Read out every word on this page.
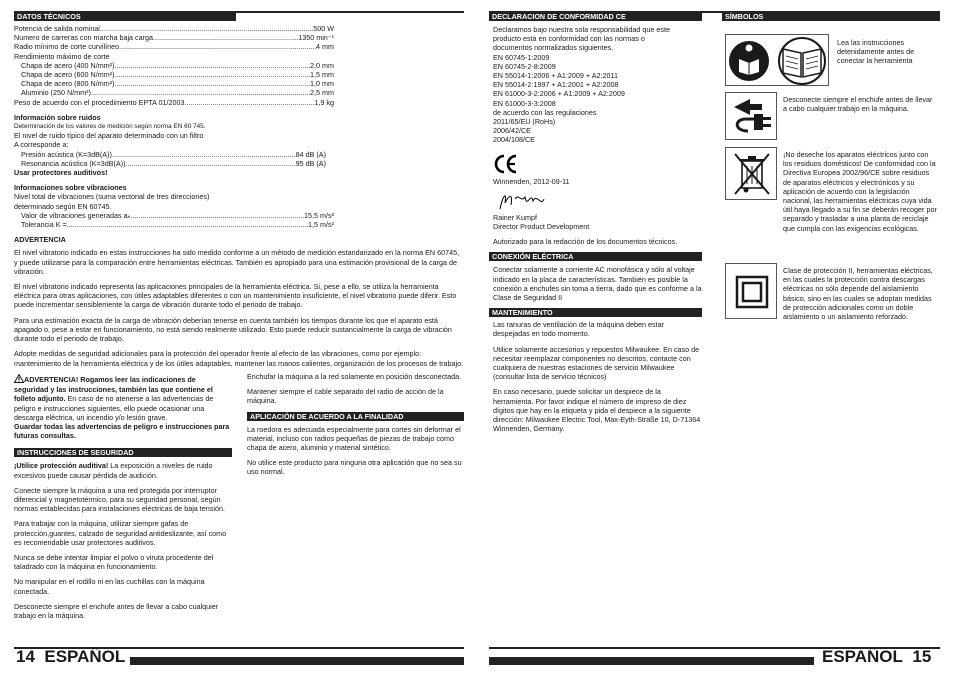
DATOS TÉCNICOS
Potencia de salida nominal .....	500 W
Numero de carreras con marcha baja carga .....	1350 min⁻¹
Radio mínimo de corte curvilíneo .....	4 mm
Rendimiento máximo de corte
Chapa de acero (400 N/mm²) .....	2,0 mm
Chapa de acero (600 N/mm²) .....	1,5 mm
Chapa de acero (800 N/mm²) .....	1,0 mm
Aluminio (250 N/mm²) .....	2,5 mm
Peso de acuerdo con el procedimiento EPTA 01/2003 .....	1,9 kg
Información sobre ruidos
Determinación de los valores de medición según norma EN 60 745.
El nivel de ruido típico del aparato determinado con un filtro
A corresponde a:
Presión acústica (K=3dB(A)) .....	84 dB (A)
Resonancia acústica (K=3dB(A)) .....	95 dB (A)
Usar protectores auditivos!
Informaciones sobre vibraciones
Nivel total de vibraciones (suma vectorial de tres direcciones)
determinado según EN 60745.
Valor de vibraciones generadas aₕ .....	15,5 m/s²
Tolerancia K = .....	1,5 m/s²
ADVERTENCIA

El nivel vibratorio indicado en estas instrucciones ha sido medido conforme a un método de medición estandarizado en la norma EN 60745, y puede utilizarse para la comparación entre herramientas eléctricas. También es apropiado para una estimación provisional de la carga de vibración.

El nivel vibratorio indicado representa las aplicaciones principales de la herramienta eléctrica. Si, pese a ello, se utiliza la herramienta eléctrica para otras aplicaciones, con útiles adaptables diferentes o con un mantenimiento insuficiente, el nivel vibratorio puede diferir. Esto puede incrementar sensiblemente la carga de vibración durante todo el periodo de trabajo.

Para una estimación exacta de la carga de vibración deberían tenerse en cuenta también los tiempos durante los que el aparato está apagado o, pese a estar en funcionamiento, no está siendo realmente utilizado. Esto puede reducir sustancialmente la carga de vibración durante todo el periodo de trabajo.

Adopte medidas de seguridad adicionales para la protección del operador frente al efecto de las vibraciones, como por ejemplo: mantenimiento de la herramienta eléctrica y de los útiles adaptables, mantener las manos calientes, organización de los procesos de trabajo.

ADVERTENCIA! Rogamos leer las indicaciones de seguridad y las instrucciones, también las que contiene el folleto adjunto. En caso de no atenerse a las advertencias de peligro e instrucciones siguientes, ello puede ocasionar una descarga eléctrica, un incendio y/o lesión grave.

Guardar todas las advertencias de peligro e instrucciones para futuras consultas.
INSTRUCCIONES DE SEGURIDAD

¡Utilice protección auditiva! La exposición a niveles de ruido excesivos puede causar pérdida de audición.

Conecte siempre la máquina a una red protegida por interruptor diferencial y magnetotérmico, para su seguridad personal, según normas establecidas para instalaciones eléctricas de baja tensión.

Para trabajar con la máquina, utilizar siempre gafas de protección,guantes, calzado de seguridad antideslizante, así como es recomendable usar protectores auditivos.

Nunca se debe intentar limpiar el polvo o viruta procedente del taladrado con la máquina en funcionamiento.

No manipular en el rodillo ni en las cuchillas con la máquina conectada.

Desconecte siempre el enchufe antes de llevar a cabo cualquier trabajo en la máquina.

Enchufar la máquina a la red solamente en posición desconectada.

Mantener siempre el cable separado del radio de acción de la máquina.

APLICACIÓN DE ACUERDO A LA FINALIDAD

La roedora es adecuada especialmente para cortes sin deformar el material, incluso con radios pequeñas de piezas de trabajo como chapa de acero, aluminio y material sintético.

No utilice este producto para ninguna otra aplicación que no sea su uso normal.

14 ESPAÑOL
DECLARACION DE CONFORMIDAD CE
Declaramos bajo nuestra sola responsabilidad que este
producto está en conformidad con las normas o
documentos normalizados siguientes.
EN 60745-1:2009
EN 60745-2-8:2009
EN 55014-1:2006 + A1:2009 + A2:2011
EN 55014-2:1997 + A1:2001 + A2:2008
EN 61000-3-2:2006 + A1:2009 + A2:2009
EN 61000-3-3:2008
de acuerdo con las regulaciones
2011/65/EU (RoHs)
2006/42/CE
2004/108/CE
Winnenden, 2012-09-11
Rainer Kumpf
Director Product Development

Autorizado para la redacción de los documentos técnicos.

CONEXIÓN ELÉCTRICA

Conectar solamente a corriente AC monofásica y sólo al voltaje indicado en la placa de características. También es posible la conexión a enchufes sin toma a tierra, dado que es conforme a la Clase de Seguridad II

MANTENIMIENTO

Las ranuras de ventilación de la máquina deben estar despejadas en todo momento.

Utilice solamente accesorios y repuestos Milwaukee. En caso de necesitar reemplazar componentes no descritos, contacte con cualquiera de nuestras estaciones de servicio Milwaukee (consultar lista de servicio técnicos)

En caso necesario, puede solicitar un despiece de la herramienta. Por favor indique el número de impreso de diez dígitos que hay en la etiqueta y pida el despiece a la siguiente dirección: Milwaukee Electric Tool, Max-Eyth-Straße 10, D-71364 Winnenden, Germany.

SÍMBOLOS
Lea las instrucciones detenidamente antes de conectar la herramienta
Desconecte siempre el enchufe antes de llevar a cabo cualquier trabajo en la máquina.
¡No deseche los aparatos eléctricos junto con los residuos domésticos! De conformidad con la Directiva Europea 2002/96/CE sobre residuos de aparatos eléctricos y electrónicos y su aplicación de acuerdo con la legislación nacional, las herramientas eléctricas cuya vida útil haya llegado a su fin se deberán recoger por separado y trasladar a una planta de reciclaje que cumpla con las exigencias ecológicas.
Clase de protección II, herramientas eléctricas, en las cuales la protección contra descargas eléctricas no sólo depende del aislamiento básico, sino en las cuales se adoptan medidas de protección adicionales como un doble aislamiento o un aislamiento reforzado.
ESPAÑOL 15
